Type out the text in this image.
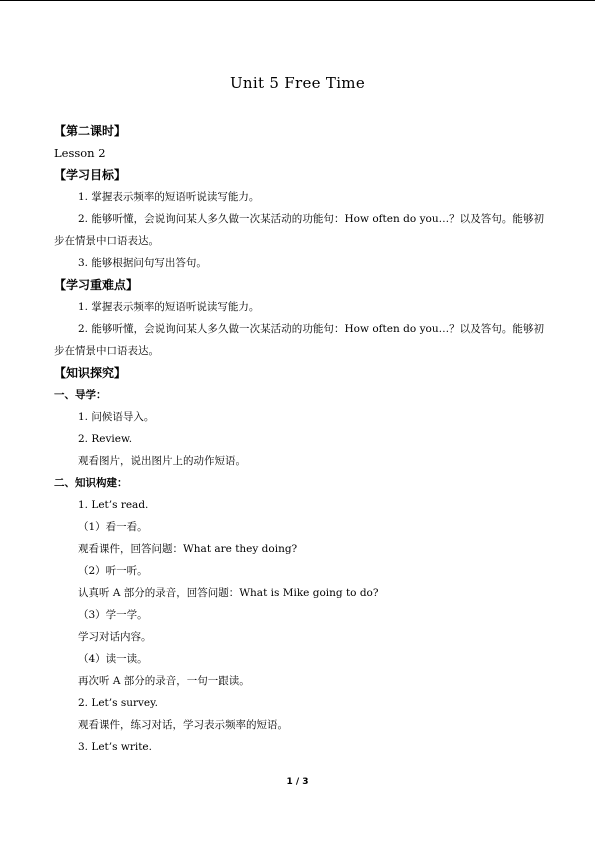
Unit 5 Free Time
【第二课时】
Lesson 2
【学习目标】
1. 掌握表示频率的短语听说读写能力。
2. 能够听懂，会说询问某人多久做一次某活动的功能句：How often do you…？以及答句。能够初步在情景中口语表达。
3. 能够根据问句写出答句。
【学习重难点】
1. 掌握表示频率的短语听说读写能力。
2. 能够听懂，会说询问某人多久做一次某活动的功能句：How often do you…？以及答句。能够初步在情景中口语表达。
【知识探究】
一、导学：
1. 问候语导入。
2. Review.
观看图片，说出图片上的动作短语。
二、知识构建：
1. Let’s read.
（1）看一看。
观看课件，回答问题：What are they doing?
（2）听一听。
认真听 A 部分的录音，回答问题：What is Mike going to do?
（3）学一学。
学习对话内容。
（4）读一读。
再次听 A 部分的录音，一句一跟读。
2. Let’s survey.
观看课件，练习对话，学习表示频率的短语。
3. Let’s write.
1 / 3
